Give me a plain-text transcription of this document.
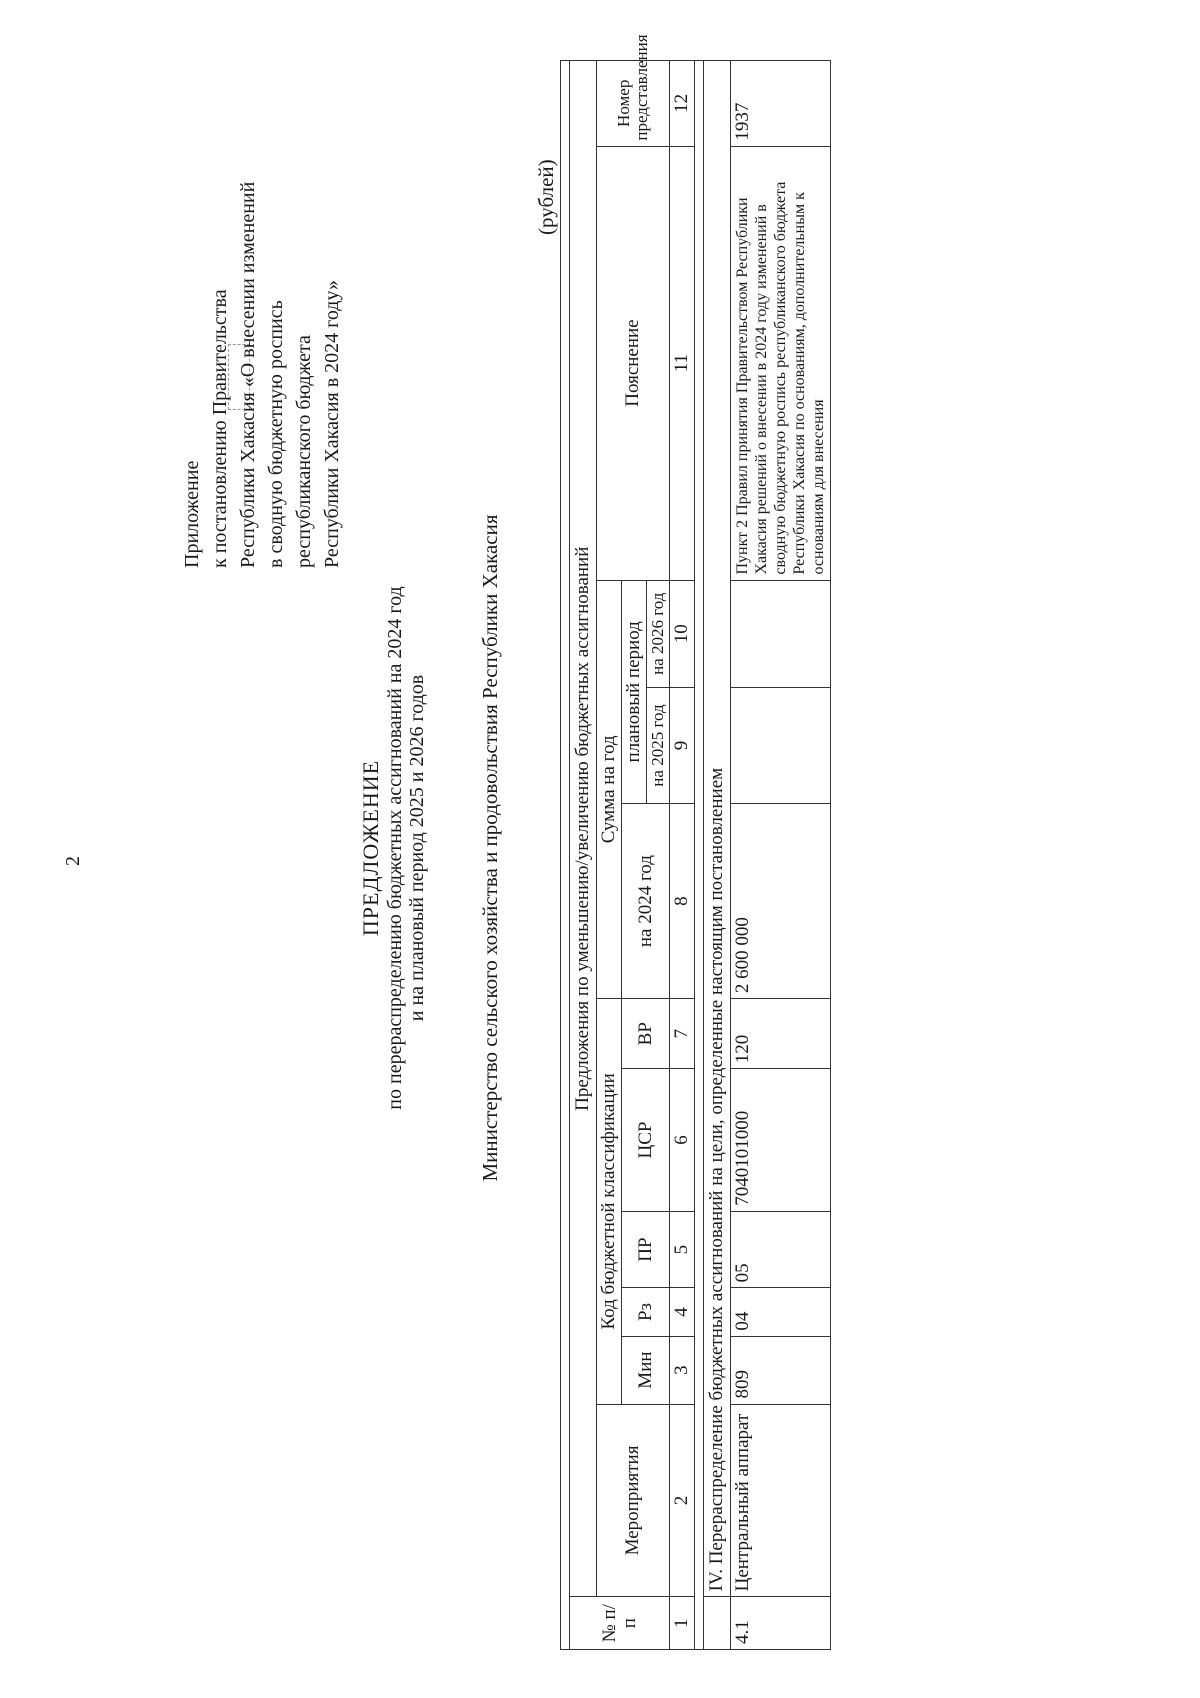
2
Приложение к постановлению Правительства Республики Хакасия «О внесении изменений в сводную бюджетную роспись республиканского бюджета Республики Хакасия в 2024 году»
ПРЕДЛОЖЕНИЕ по перераспределению бюджетных ассигнований на 2024 год и на плановый период 2025 и 2026 годов Министерство сельского хозяйства и продовольствия Республики Хакасия
(рублей)

№ п/п	Предложения по уменьшению/увеличению бюджетных ассигнований										
	Мероприятия	Код бюджетной классификации					Сумма на год			Пояснение	Номер представления
		Мин	Рз	ПР	ЦСР	ВР	на 2024 год	плановый период			
								на 2025 год	на 2026 год		
1	2	3	4	5	6	7	8	9	10	11	12

	IV. Перераспределение бюджетных ассигнований на цели, определенные настоящим постановлением										
4.1	Центральный аппарат	809	04	05	7040101000	120	2 600 000			Пункт 2 Правил принятия Правительством Республики Хакасия решений о внесении в 2024 году изменений в сводную бюджетную роспись республиканского бюджета Республики Хакасия по основаниям, дополнительным к основаниям для внесения	1937
